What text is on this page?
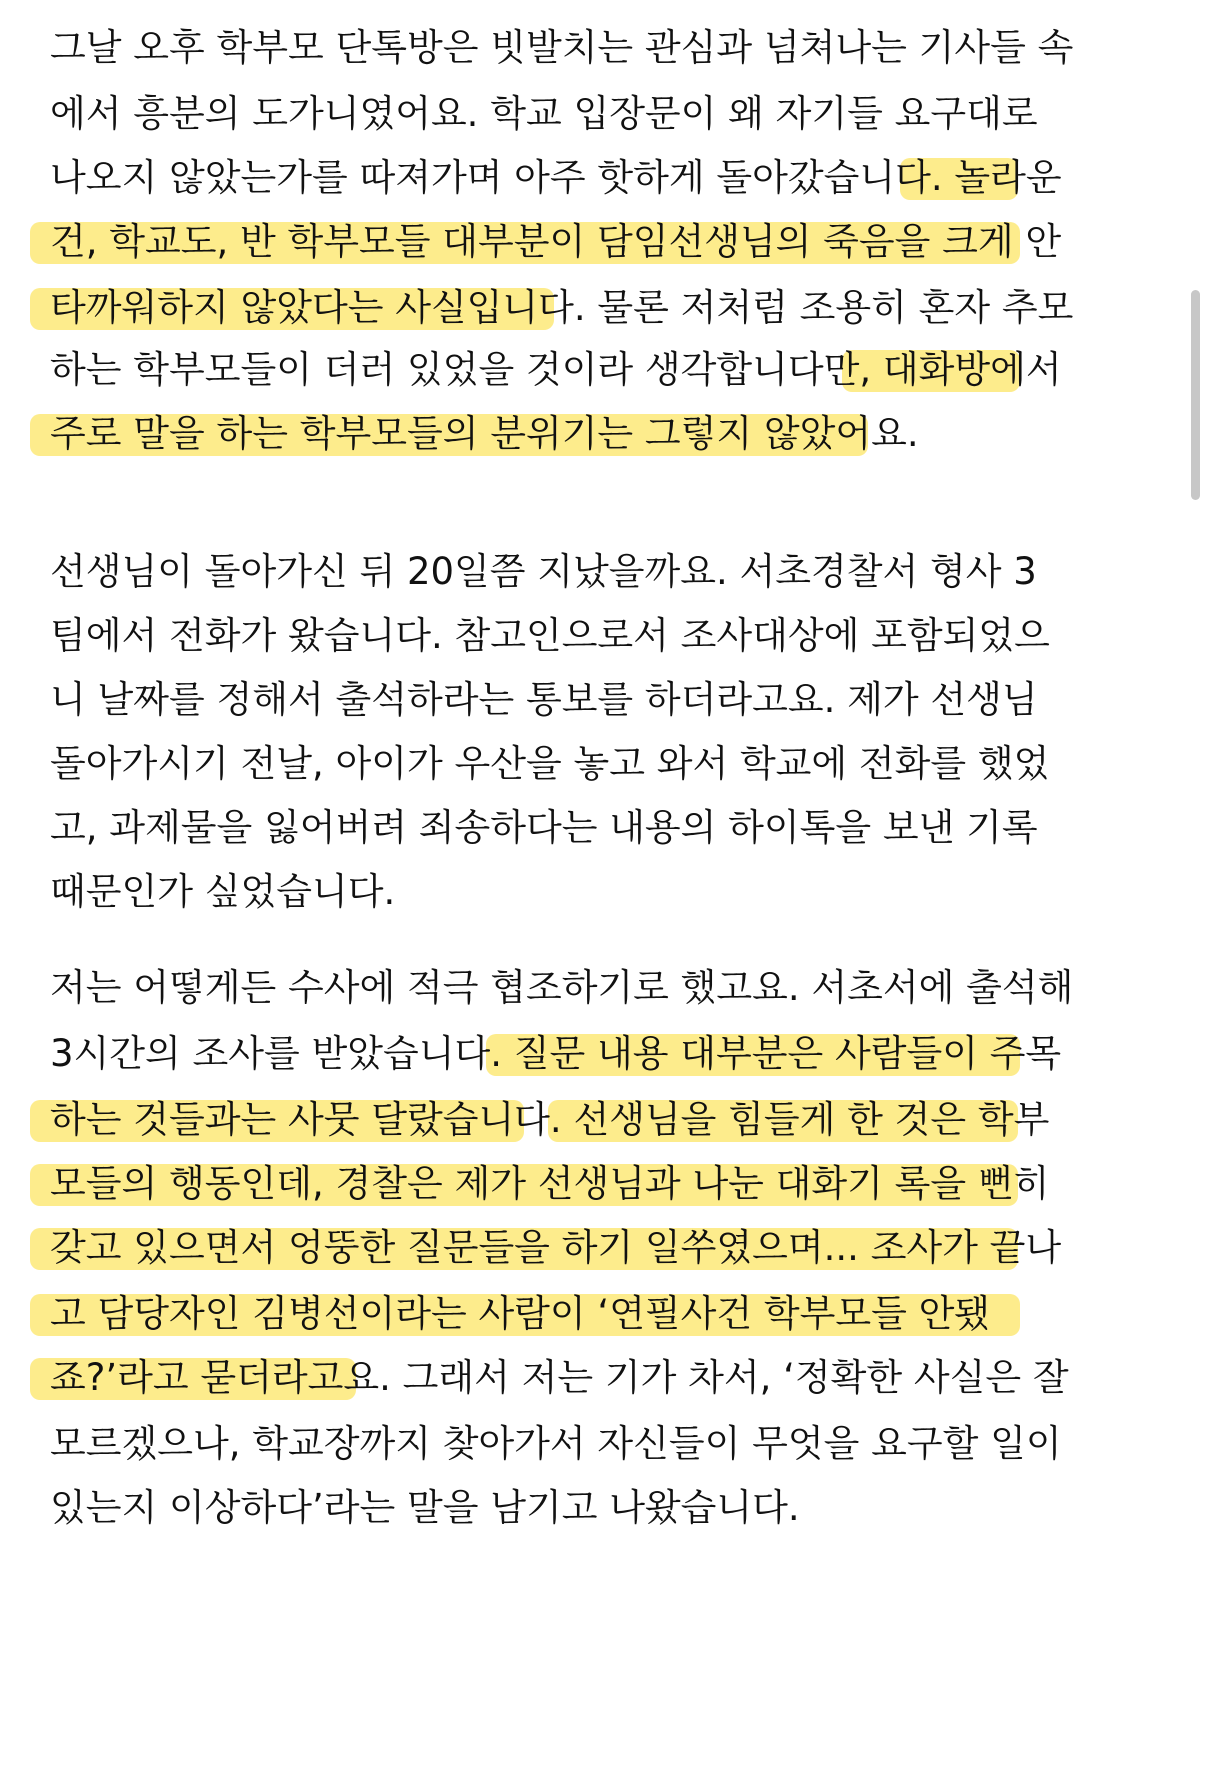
그날 오후 학부모 단톡방은 빗발치는 관심과 넘쳐나는 기사들 속
에서 흥분의 도가니였어요. 학교 입장문이 왜 자기들 요구대로
나오지 않았는가를 따져가며 아주 핫하게 돌아갔습니다. 놀라운
건, 학교도, 반 학부모들 대부분이 담임선생님의 죽음을 크게 안
타까워하지 않았다는 사실입니다. 물론 저처럼 조용히 혼자 추모
하는 학부모들이 더러 있었을 것이라 생각합니다만, 대화방에서
주로 말을 하는 학부모들의 분위기는 그렇지 않았어요.
선생님이 돌아가신 뒤 20일쯤 지났을까요. 서초경찰서 형사 3
팀에서 전화가 왔습니다. 참고인으로서 조사대상에 포함되었으
니 날짜를 정해서 출석하라는 통보를 하더라고요. 제가 선생님
돌아가시기 전날, 아이가 우산을 놓고 와서 학교에 전화를 했었
고, 과제물을 잃어버려 죄송하다는 내용의 하이톡을 보낸 기록
때문인가 싶었습니다.
저는 어떻게든 수사에 적극 협조하기로 했고요. 서초서에 출석해
3시간의 조사를 받았습니다. 질문 내용 대부분은 사람들이 주목
하는 것들과는 사뭇 달랐습니다. 선생님을 힘들게 한 것은 학부
모들의 행동인데, 경찰은 제가 선생님과 나눈 대화기 록을 뻔히
갖고 있으면서 엉뚱한 질문들을 하기 일쑤였으며... 조사가 끝나
고 담당자인 김병선이라는 사람이 ‘연필사건 학부모들 안됐
죠?’라고 묻더라고요. 그래서 저는 기가 차서, ‘정확한 사실은 잘
모르겠으나, 학교장까지 찾아가서 자신들이 무엇을 요구할 일이
있는지 이상하다’라는 말을 남기고 나왔습니다.
